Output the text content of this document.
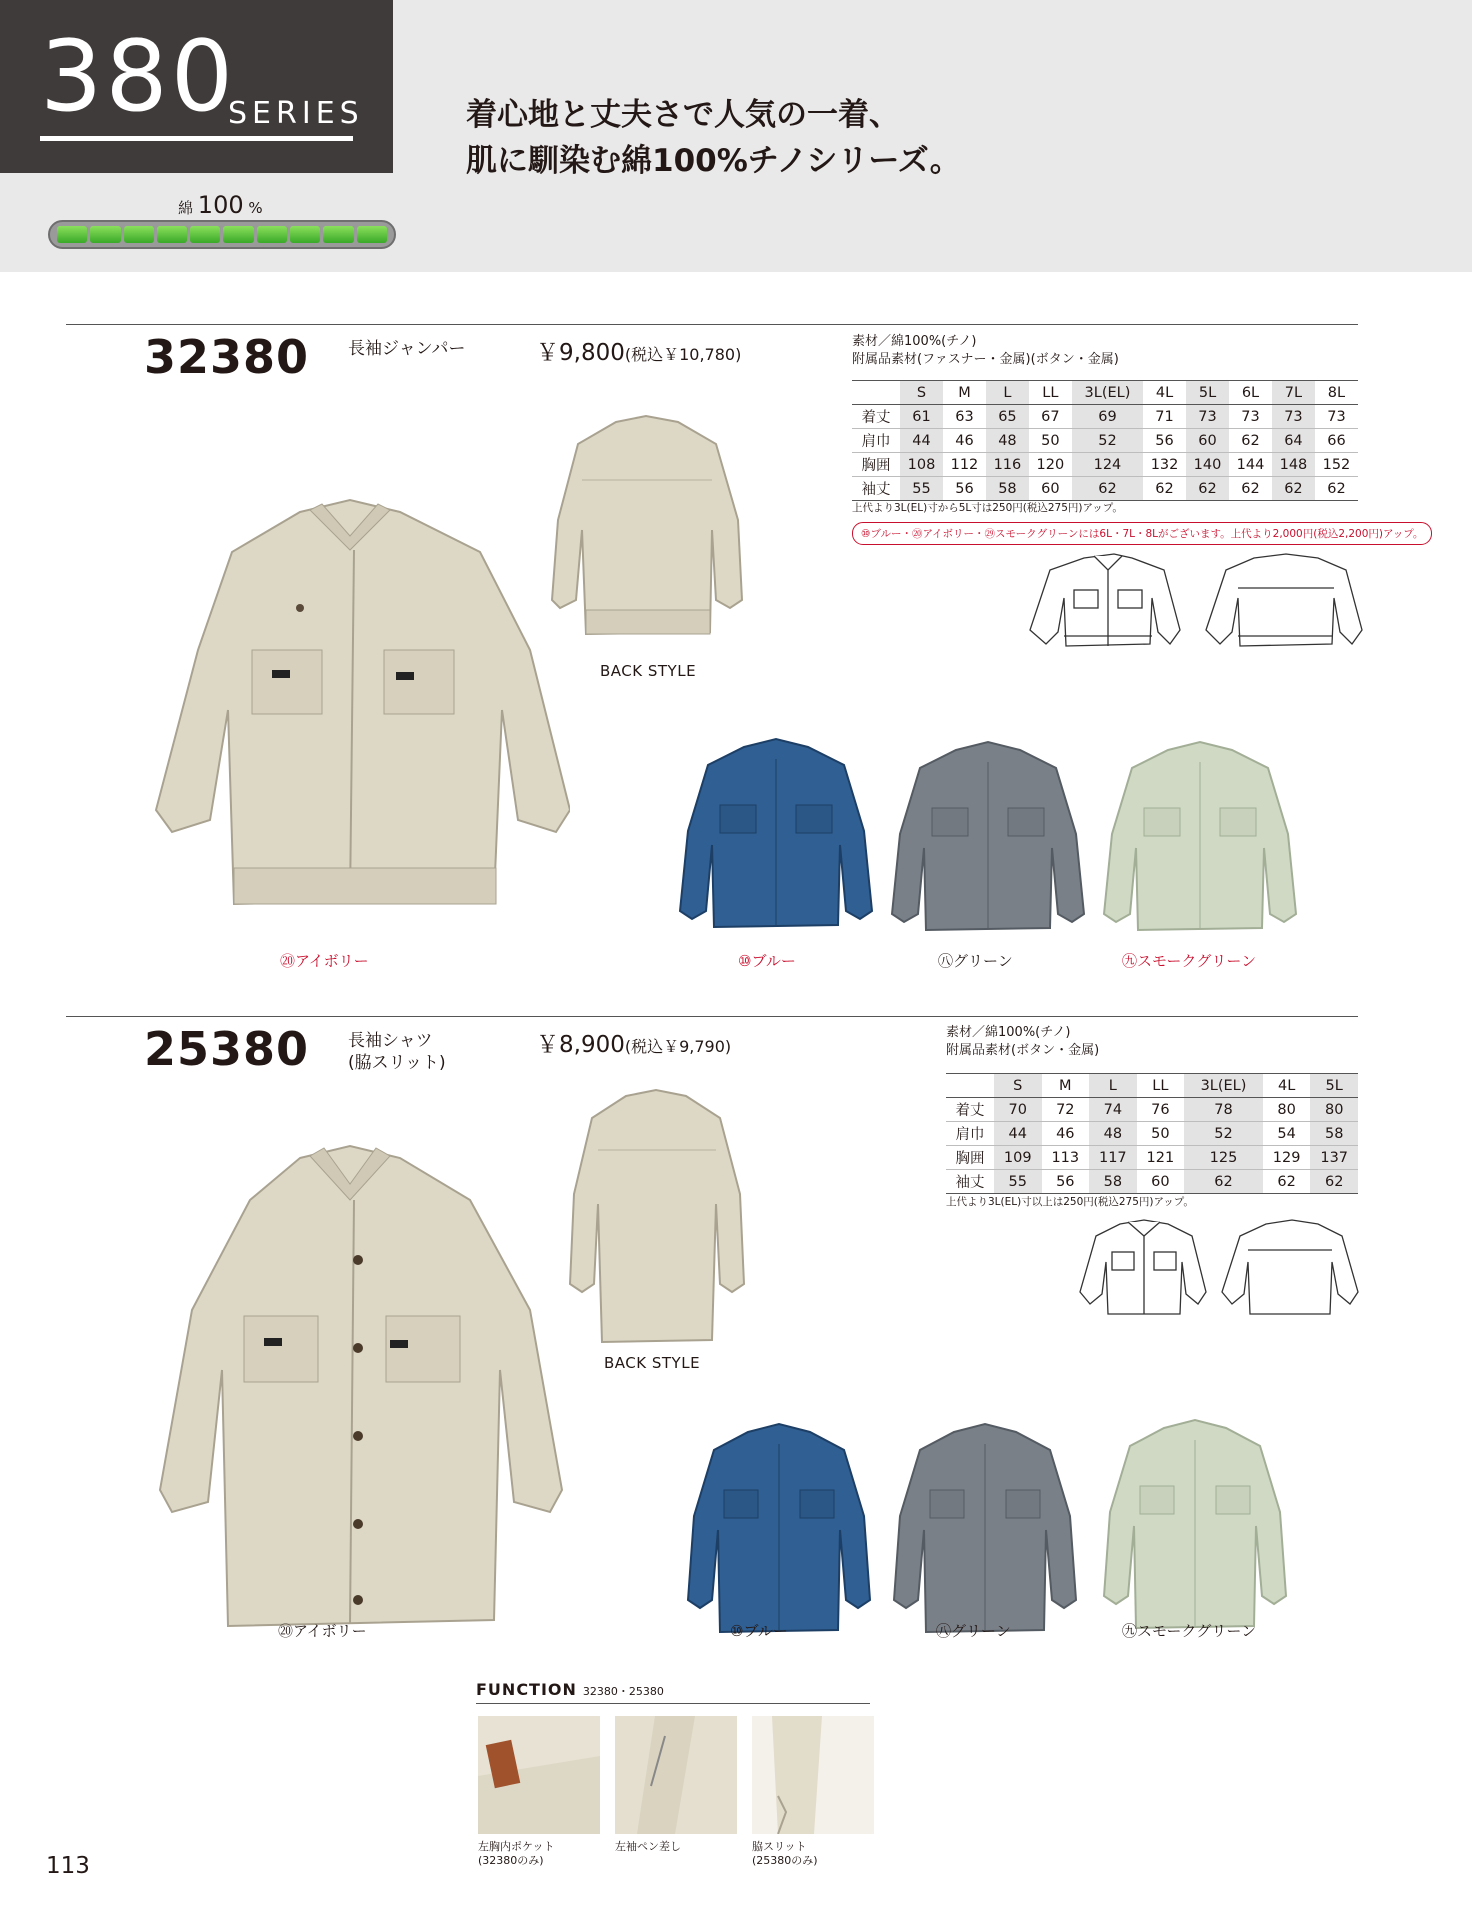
380
SERIES	着心地と丈夫さで人気の一着、
肌に馴染む綿100%チノシリーズ。
綿 100 %
32380 長袖ジャンパー	￥9,800(税込￥10,780)
素材／綿100%(チノ)
附属品素材(ファスナー・金属)(ボタン・金属)
	S	M	L	LL	3L(EL)	4L	5L	6L	7L	8L
着丈	61	63	65	67	69	71	73	73	73	73
肩巾	44	46	48	50	52	56	60	62	64	66
胸囲	108	112	116	120	124	132	140	144	148	152
袖丈	55	56	58	60	62	62	62	62	62	62
上代より3L(EL)寸から5L寸は250円(税込275円)アップ。
⑩ブルー・⑳アイボリー・㉙スモークグリーンには6L・7L・8Lがございます。上代より2,000円(税込2,200円)アップ。
BACK STYLE
⑳アイボリー	⑩ブルー	㊇グリーン	㊈スモークグリーン
25380 長袖シャツ
(脇スリット)
￥8,900(税込￥9,790)
素材／綿100%(チノ)
附属品素材(ボタン・金属)
	S	M	L	LL	3L(EL)	4L	5L
着丈	70	72	74	76	78	80	80
肩巾	44	46	48	50	52	54	58
胸囲	109	113	117	121	125	129	137
袖丈	55	56	58	60	62	62	62
上代より3L(EL)寸以上は250円(税込275円)アップ。
BACK STYLE
⑳アイボリー	⑩ブルー	㊇グリーン	㊈スモークグリーン
FUNCTION 32380・25380
左胸内ポケット
(32380のみ)
左袖ペン差し	脇スリット
(25380のみ)
113
